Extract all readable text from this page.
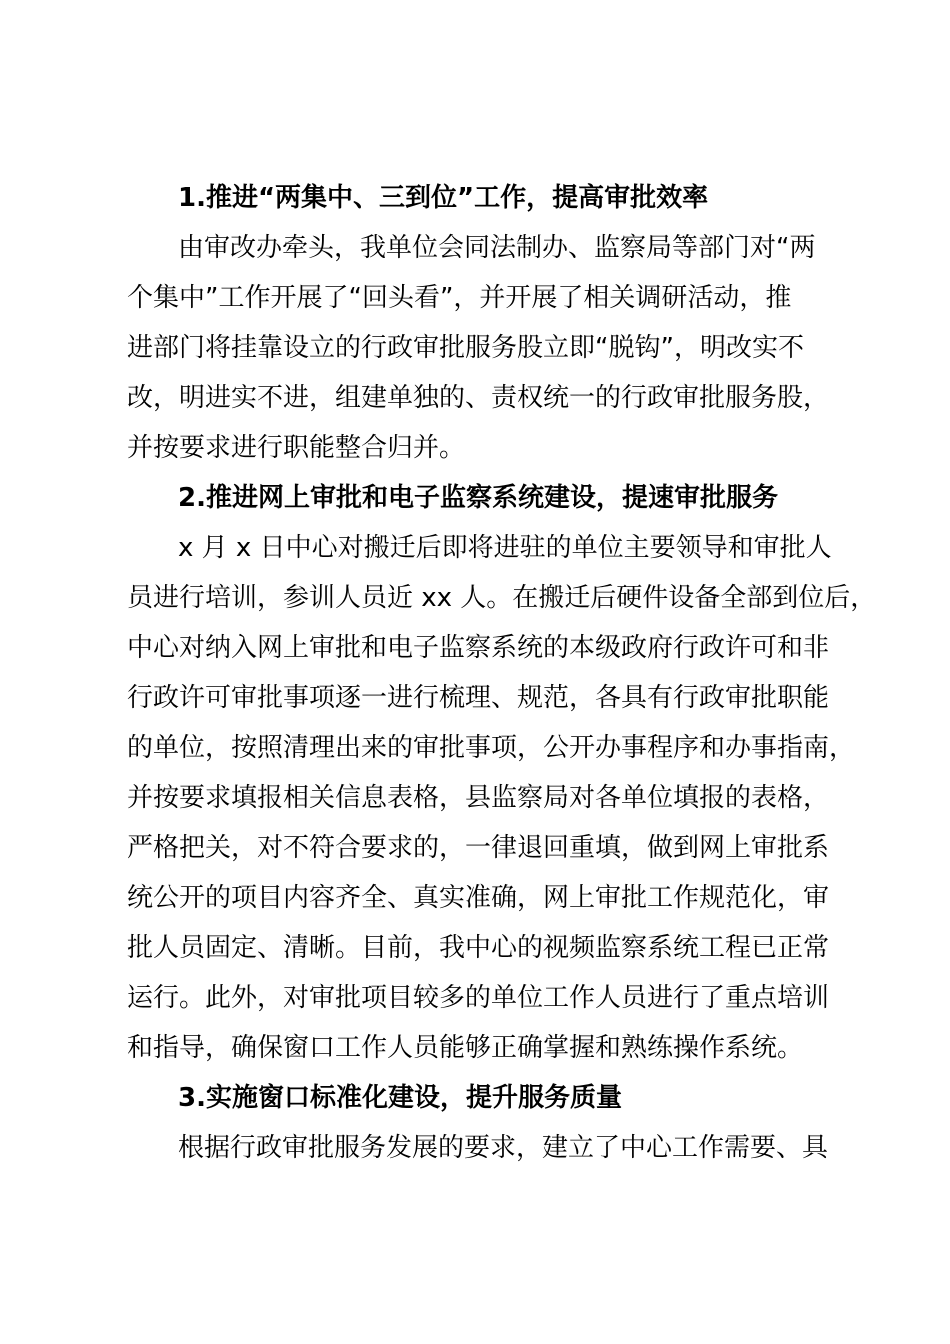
1.推进“两集中、三到位”工作，提高审批效率
由审改办牵头，我单位会同法制办、监察局等部门对“两
个集中”工作开展了“回头看”，并开展了相关调研活动，推
进部门将挂靠设立的行政审批服务股立即“脱钩”，明改实不
改，明进实不进，组建单独的、责权统一的行政审批服务股，
并按要求进行职能整合归并。
2.推进网上审批和电子监察系统建设，提速审批服务
x 月 x 日中心对搬迁后即将进驻的单位主要领导和审批人
员进行培训，参训人员近 xx 人。在搬迁后硬件设备全部到位后，
中心对纳入网上审批和电子监察系统的本级政府行政许可和非
行政许可审批事项逐一进行梳理、规范，各具有行政审批职能
的单位，按照清理出来的审批事项，公开办事程序和办事指南，
并按要求填报相关信息表格，县监察局对各单位填报的表格，
严格把关，对不符合要求的，一律退回重填，做到网上审批系
统公开的项目内容齐全、真实准确，网上审批工作规范化，审
批人员固定、清晰。目前，我中心的视频监察系统工程已正常
运行。此外，对审批项目较多的单位工作人员进行了重点培训
和指导，确保窗口工作人员能够正确掌握和熟练操作系统。
3.实施窗口标准化建设，提升服务质量
根据行政审批服务发展的要求，建立了中心工作需要、具
